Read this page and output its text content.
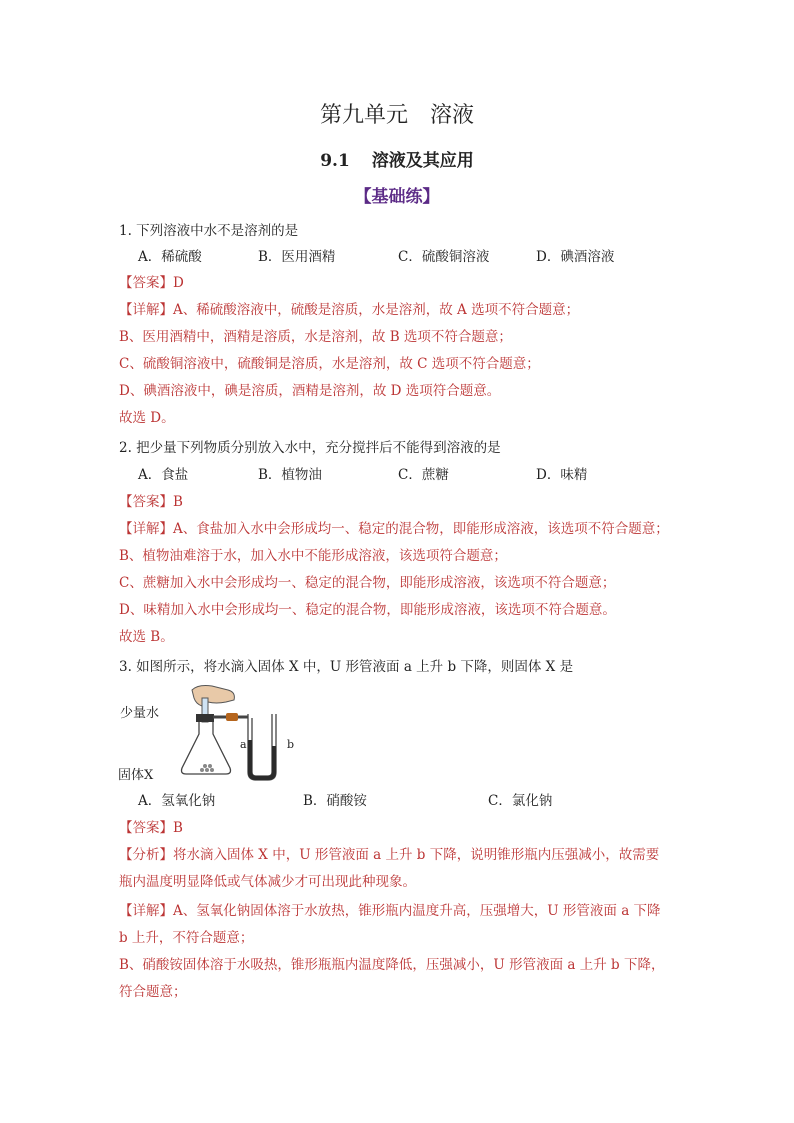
第九单元 溶液
9.1 溶液及其应用
【基础练】
1. 下列溶液中水不是溶剂的是
A．稀硫酸	B．医用酒精	C．硫酸铜溶液	D．碘酒溶液
【答案】D
【详解】A、稀硫酸溶液中，硫酸是溶质，水是溶剂，故 A 选项不符合题意；
B、医用酒精中，酒精是溶质，水是溶剂，故 B 选项不符合题意；
C、硫酸铜溶液中，硫酸铜是溶质，水是溶剂，故 C 选项不符合题意；
D、碘酒溶液中，碘是溶质，酒精是溶剂，故 D 选项符合题意。
故选 D。
2. 把少量下列物质分别放入水中，充分搅拌后不能得到溶液的是
A．食盐	B．植物油	C．蔗糖	D．味精
【答案】B
【详解】A、食盐加入水中会形成均一、稳定的混合物，即能形成溶液，该选项不符合题意；
B、植物油难溶于水，加入水中不能形成溶液，该选项符合题意；
C、蔗糖加入水中会形成均一、稳定的混合物，即能形成溶液，该选项不符合题意；
D、味精加入水中会形成均一、稳定的混合物，即能形成溶液，该选项不符合题意。
故选 B。
3. 如图所示，将水滴入固体 X 中，U 形管液面 a 上升 b 下降，则固体 X 是
少量水
固体X
a	b
A．氢氧化钠	B．硝酸铵	C．氯化钠
【答案】B
【分析】将水滴入固体 X 中，U 形管液面 a 上升 b 下降，说明锥形瓶内压强减小，故需要
瓶内温度明显降低或气体减少才可出现此种现象。
【详解】A、氢氧化钠固体溶于水放热，锥形瓶内温度升高，压强增大，U 形管液面 a 下降
b 上升，不符合题意；
B、硝酸铵固体溶于水吸热，锥形瓶瓶内温度降低，压强减小，U 形管液面 a 上升 b 下降，
符合题意；
